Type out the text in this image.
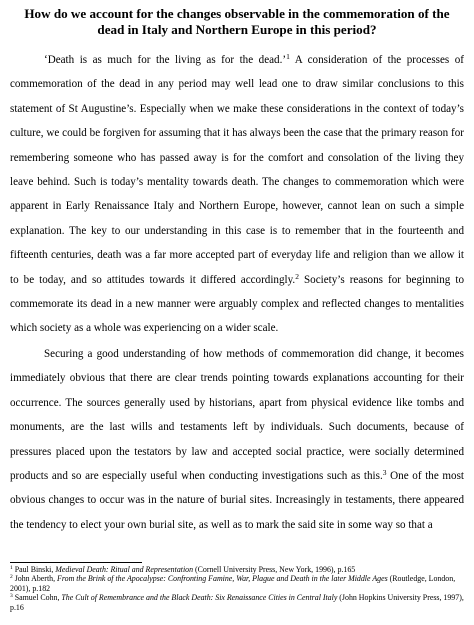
How do we account for the changes observable in the commemoration of the dead in Italy and Northern Europe in this period?

‘Death is as much for the living as for the dead.’$^1$ A consideration of the processes of commemoration of the dead in any period may well lead one to draw similar conclusions to this statement of St Augustine’s. Especially when we make these considerations in the context of today’s culture, we could be forgiven for assuming that it has always been the case that the primary reason for remembering someone who has passed away is for the comfort and consolation of the living they leave behind. Such is today’s mentality towards death. The changes to commemoration which were apparent in Early Renaissance Italy and Northern Europe, however, cannot lean on such a simple explanation. The key to our understanding in this case is to remember that in the fourteenth and fifteenth centuries, death was a far more accepted part of everyday life and religion than we allow it to be today, and so attitudes towards it differed accordingly.$^2$ Society’s reasons for beginning to commemorate its dead in a new manner were arguably complex and reflected changes to mentalities which society as a whole was experiencing on a wider scale.

Securing a good understanding of how methods of commemoration did change, it becomes immediately obvious that there are clear trends pointing towards explanations accounting for their occurrence. The sources generally used by historians, apart from physical evidence like tombs and monuments, are the last wills and testaments left by individuals. Such documents, because of pressures placed upon the testators by law and accepted social practice, were socially determined products and so are especially useful when conducting investigations such as this.$^3$ One of the most obvious changes to occur was in the nature of burial sites. Increasingly in testaments, there appeared the tendency to elect your own burial site, as well as to mark the said site in some way so that a

$^1$ Paul Binski, Medieval Death: Ritual and Representation (Cornell University Press, New York, 1996), p.165

$^2$ John Aberth, From the Brink of the Apocalypse: Confronting Famine, War, Plague and Death in the later Middle Ages (Routledge, London, 2001), p.182

$^3$ Samuel Cohn, The Cult of Remembrance and the Black Death: Six Renaissance Cities in Central Italy (John Hopkins University Press, 1997), p.16
